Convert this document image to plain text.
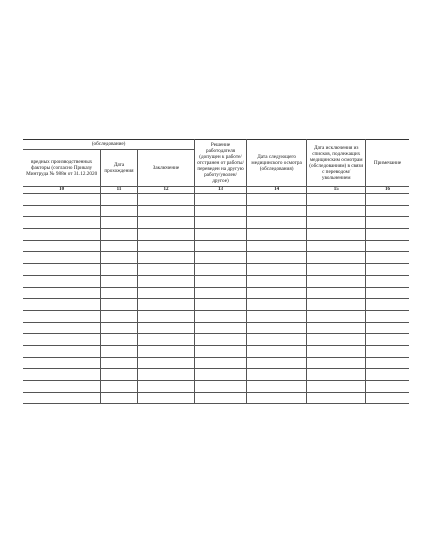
(обследование)			Решение работодателя (допущен к работе/отстранен от работы/переведен на другую работу/уволен/другое)	Дата следующего медицинского осмотра (обследования)	Дата исключения из списков, подлежащих медицинским осмотрам (обследованиям) в связи с переводом/увольнением	Примечание
вредных производственных факторы (согласно Приказу Минтруда № 988н от 31.12.2020	Дата прохождения	Заключение				
10	11	12	13	14	15	16
